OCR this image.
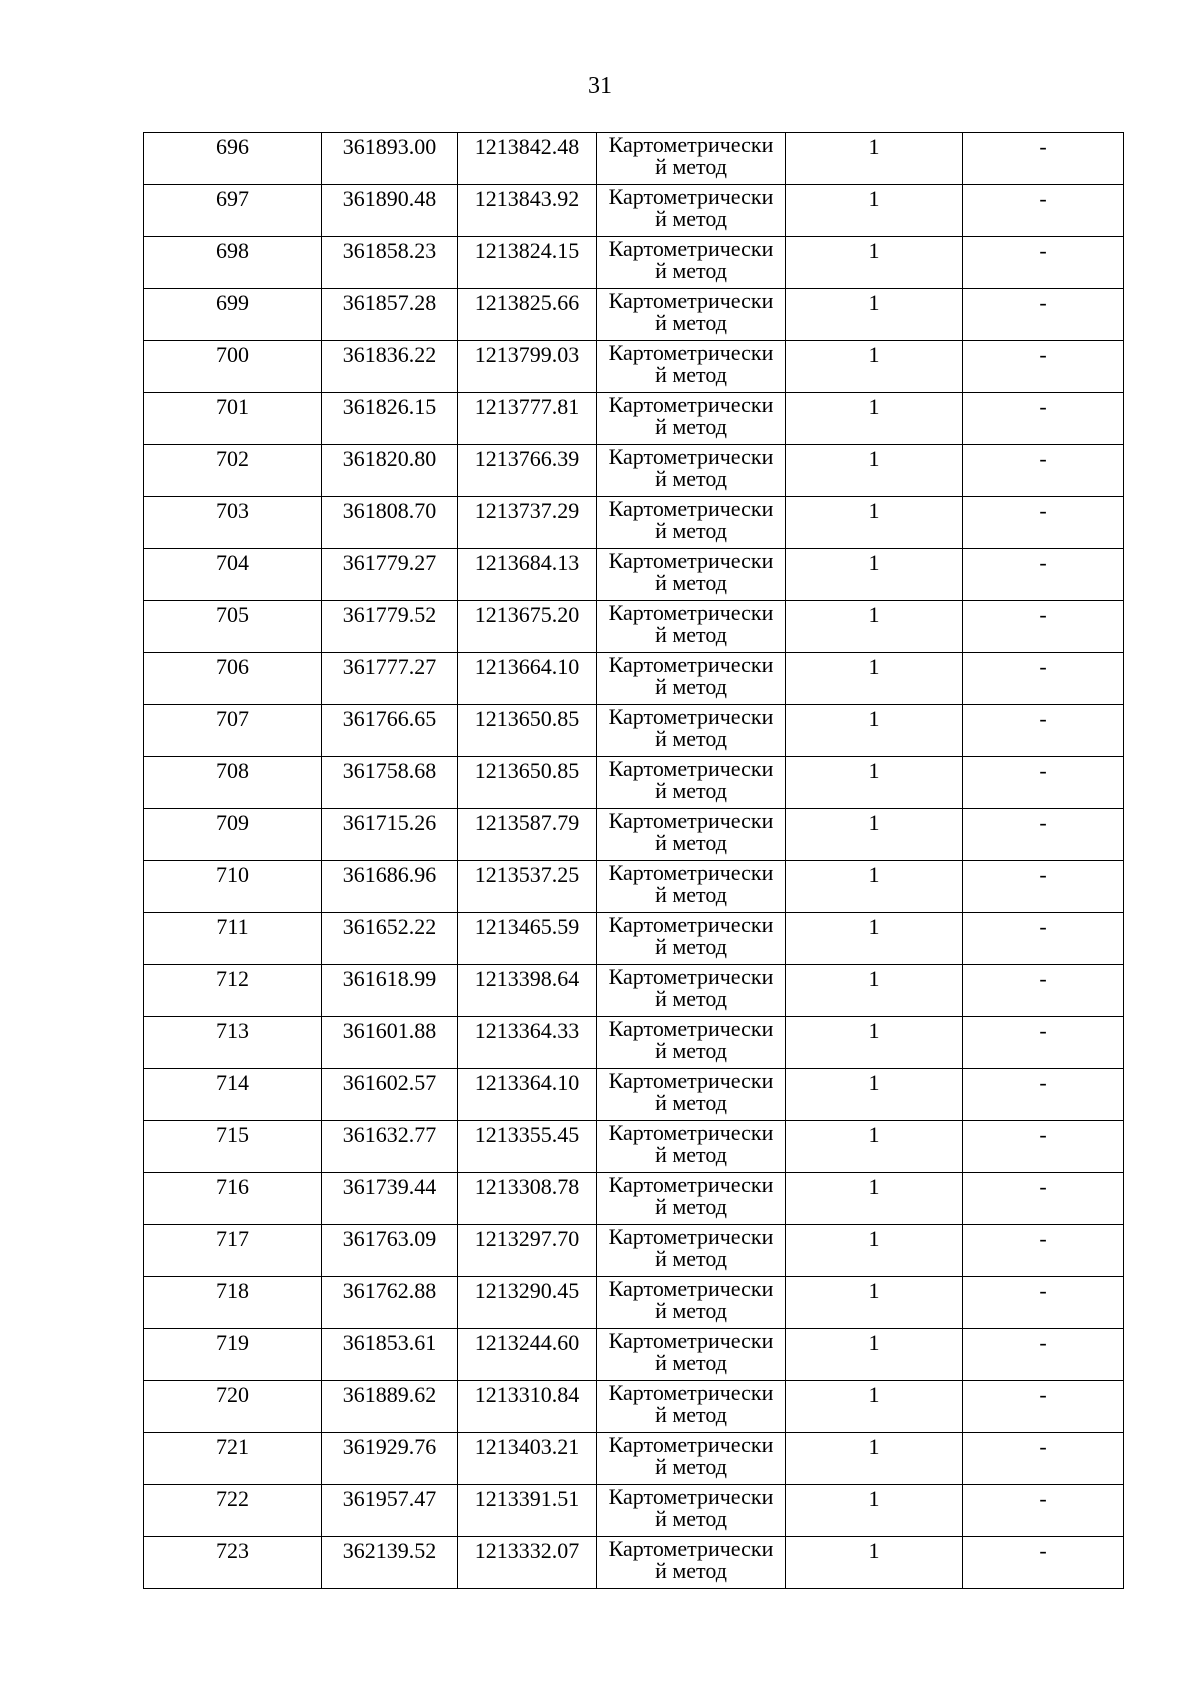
31
696	361893.00	1213842.48	Картометрически
й метод	1	-
697	361890.48	1213843.92	Картометрически
й метод	1	-
698	361858.23	1213824.15	Картометрически
й метод	1	-
699	361857.28	1213825.66	Картометрически
й метод	1	-
700	361836.22	1213799.03	Картометрически
й метод	1	-
701	361826.15	1213777.81	Картометрически
й метод	1	-
702	361820.80	1213766.39	Картометрически
й метод	1	-
703	361808.70	1213737.29	Картометрически
й метод	1	-
704	361779.27	1213684.13	Картометрически
й метод	1	-
705	361779.52	1213675.20	Картометрически
й метод	1	-
706	361777.27	1213664.10	Картометрически
й метод	1	-
707	361766.65	1213650.85	Картометрически
й метод	1	-
708	361758.68	1213650.85	Картометрически
й метод	1	-
709	361715.26	1213587.79	Картометрически
й метод	1	-
710	361686.96	1213537.25	Картометрически
й метод	1	-
711	361652.22	1213465.59	Картометрически
й метод	1	-
712	361618.99	1213398.64	Картометрически
й метод	1	-
713	361601.88	1213364.33	Картометрически
й метод	1	-
714	361602.57	1213364.10	Картометрически
й метод	1	-
715	361632.77	1213355.45	Картометрически
й метод	1	-
716	361739.44	1213308.78	Картометрически
й метод	1	-
717	361763.09	1213297.70	Картометрически
й метод	1	-
718	361762.88	1213290.45	Картометрически
й метод	1	-
719	361853.61	1213244.60	Картометрически
й метод	1	-
720	361889.62	1213310.84	Картометрически
й метод	1	-
721	361929.76	1213403.21	Картометрически
й метод	1	-
722	361957.47	1213391.51	Картометрически
й метод	1	-
723	362139.52	1213332.07	Картометрически
й метод	1	-
